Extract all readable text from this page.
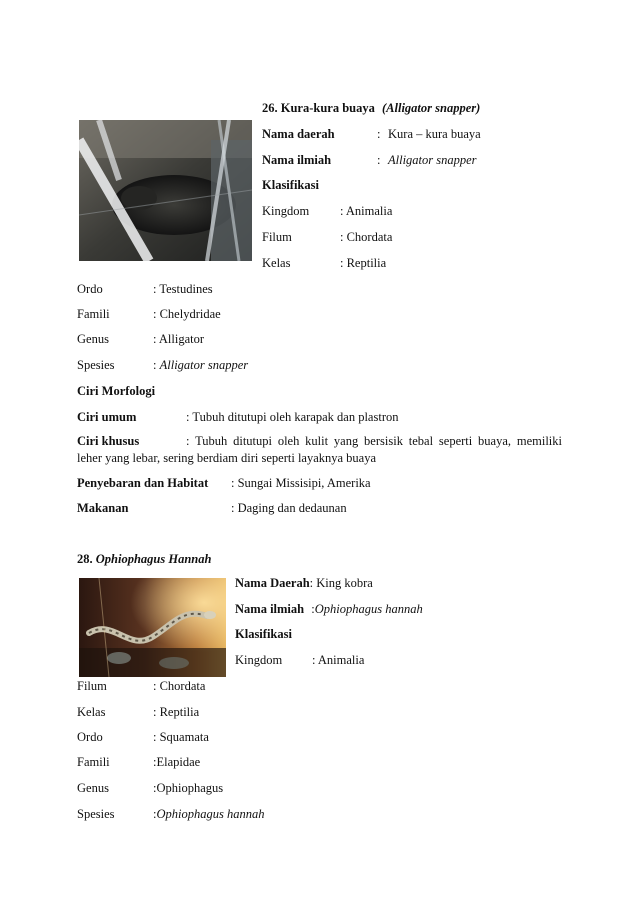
26. Kura-kura buaya (Alligator snapper)
Nama daerah	: Kura – kura buaya
Nama ilmiah	: Alligator snapper
Klasifikasi
Kingdom : Animalia
Filum	: Chordata
Kelas	: Reptilia
Ordo	: Testudines
Famili	: Chelydridae
Genus	: Alligator
Spesies	: Alligator snapper
Ciri Morfologi
Ciri umum	: Tubuh ditutupi oleh karapak dan plastron
Ciri khusus	: Tubuh ditutupi oleh kulit yang bersisik tebal seperti buaya, memiliki leher yang lebar, sering berdiam diri seperti layaknya buaya
Penyebaran dan Habitat : Sungai Missisipi, Amerika
Makanan	: Daging dan dedaunan
28. Ophiophagus Hannah
Nama Daerah: King kobra
Nama ilmiah :Ophiophagus hannah
Klasifikasi
Kingdom : Animalia
Filum	: Chordata
Kelas	: Reptilia
Ordo	: Squamata
Famili	:Elapidae
Genus	:Ophiophagus
Spesies	:Ophiophagus hannah
